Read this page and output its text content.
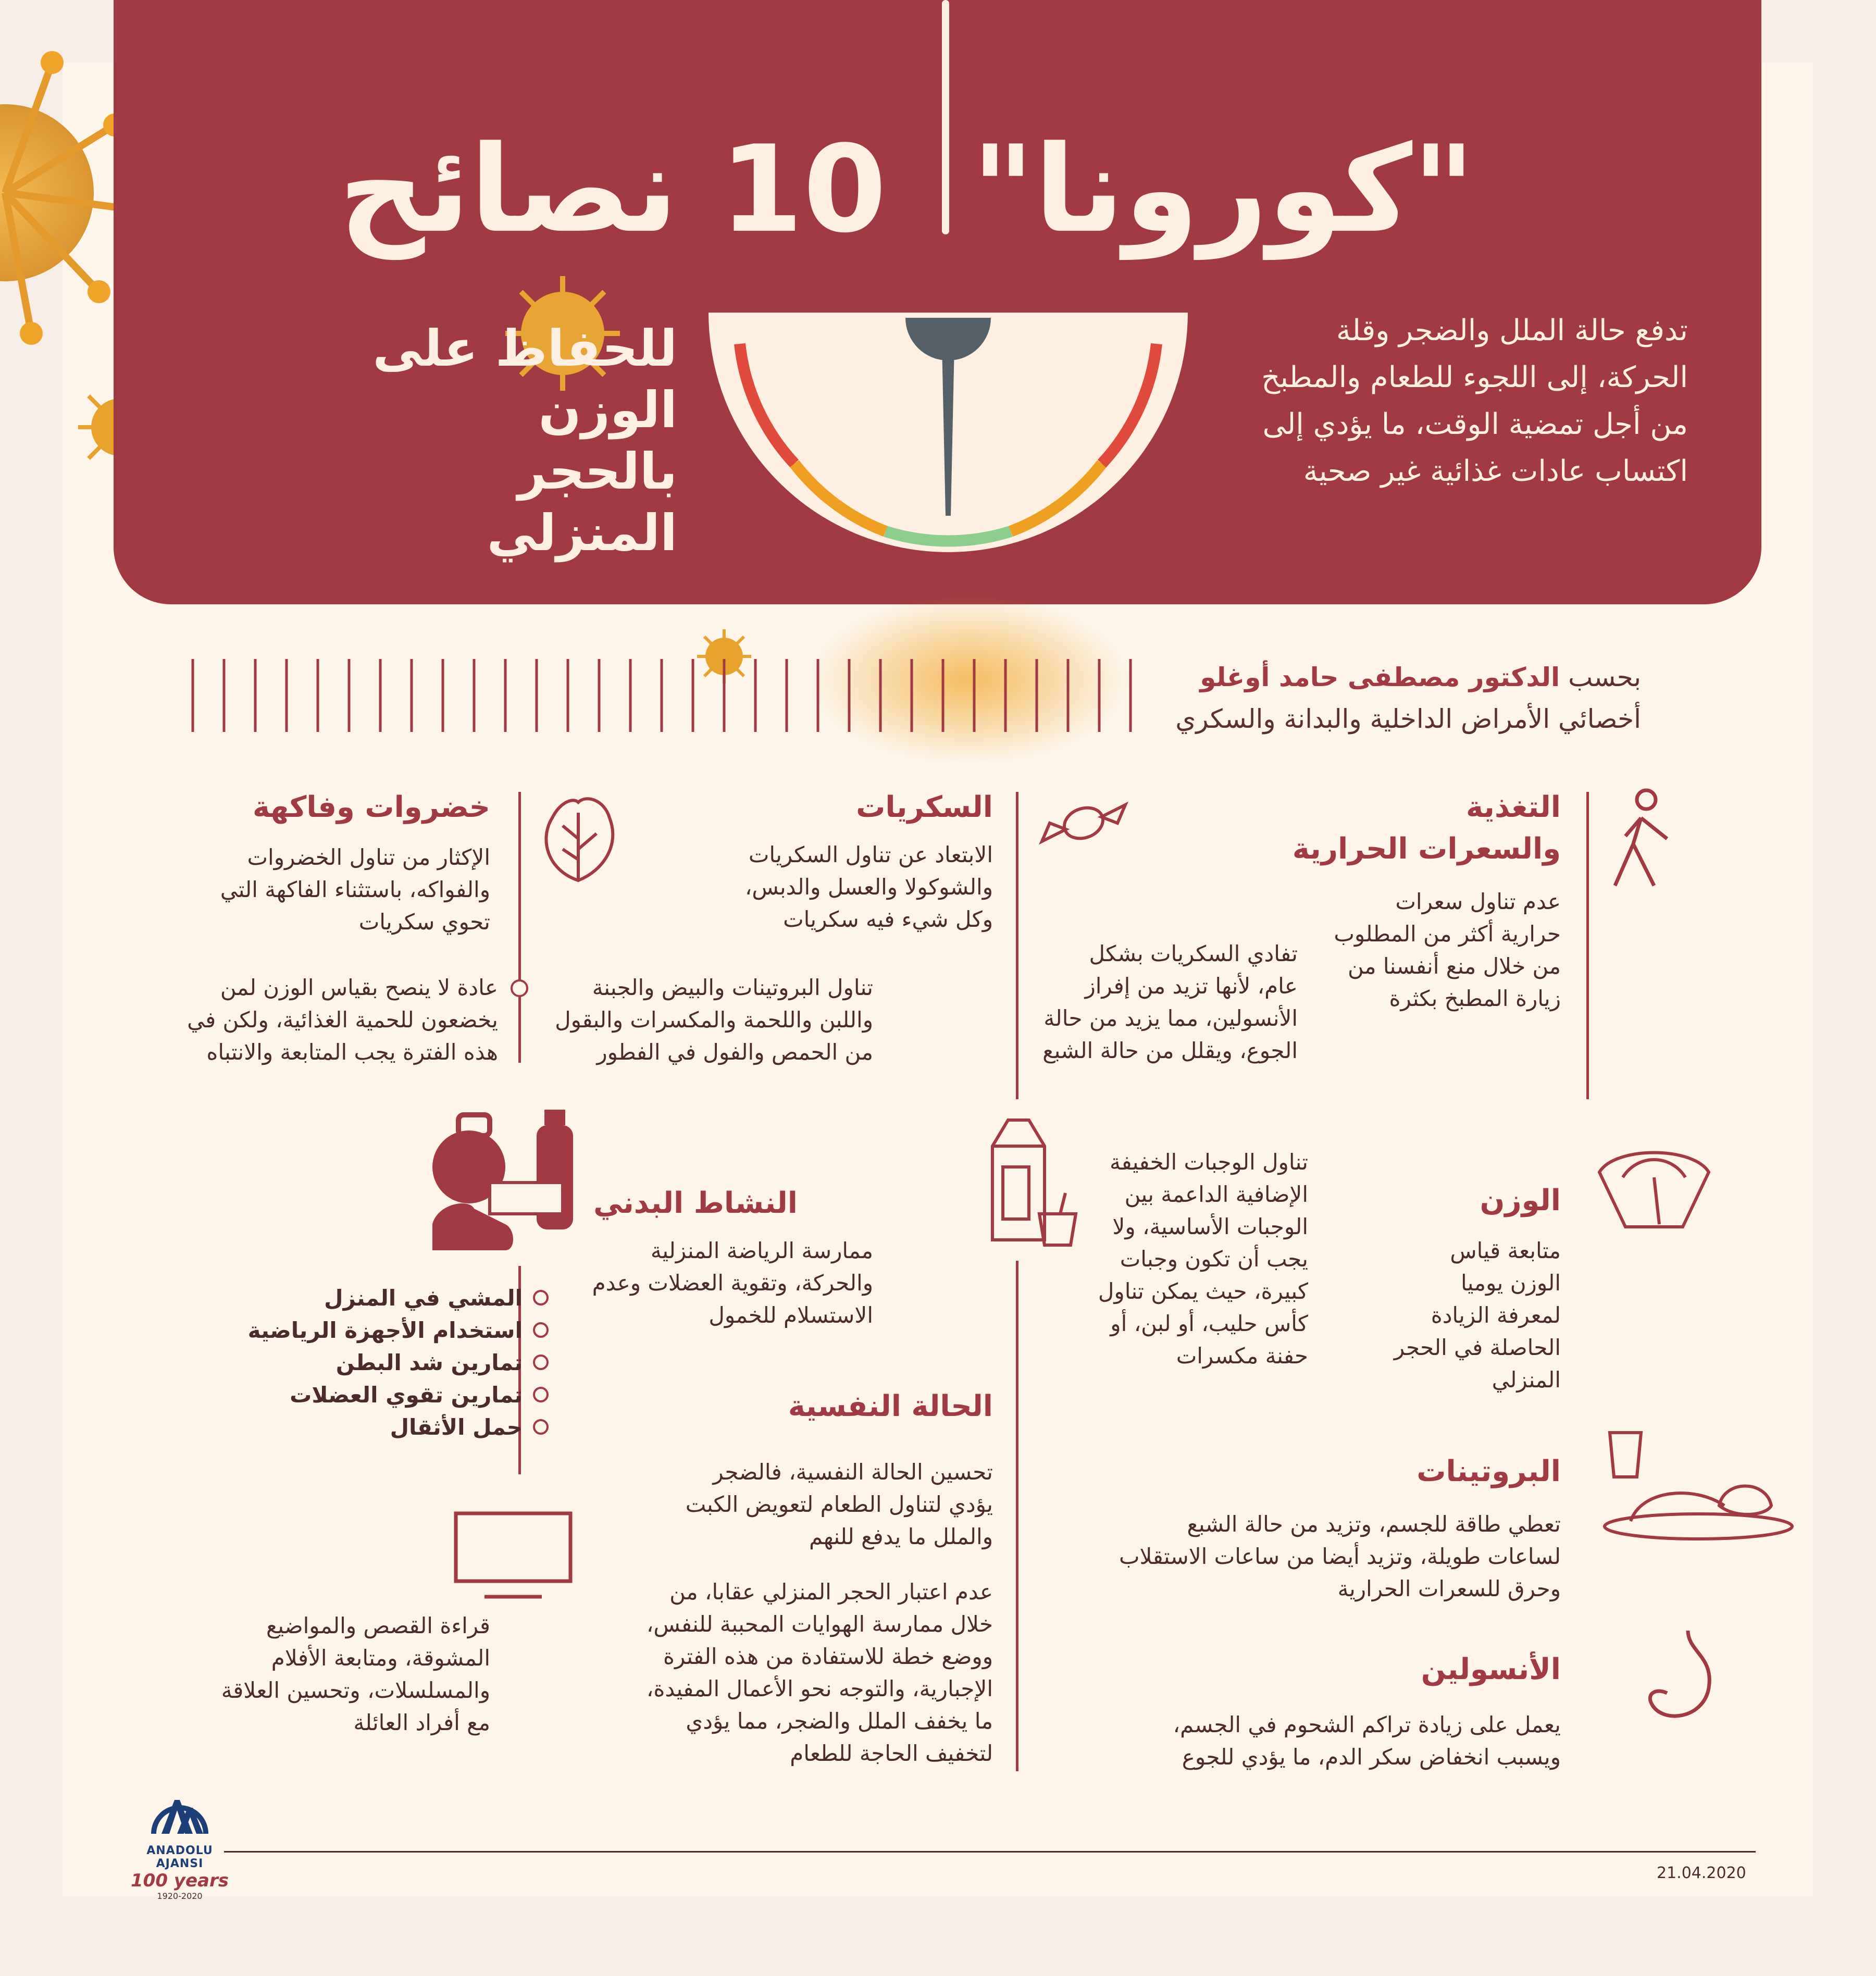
"كورونا"
10 نصائح
للحفاظ على
الوزن بالحجر
المنزلي
تدفع حالة الملل والضجر وقلة
الحركة، إلى اللجوء للطعام والمطبخ
من أجل تمضية الوقت، ما يؤدي إلى
اكتساب عادات غذائية غير صحية
بحسب الدكتور مصطفى حامد أوغلو
أخصائي الأمراض الداخلية والبدانة والسكري
التغذية
والسعرات الحرارية
عدم تناول سعرات
حرارية أكثر من المطلوب
من خلال منع أنفسنا من
زيارة المطبخ بكثرة
السكريات
الابتعاد عن تناول السكريات
والشوكولا والعسل والدبس،
وكل شيء فيه سكريات
تفادي السكريات بشكل
عام، لأنها تزيد من إفراز
الأنسولين، مما يزيد من حالة
الجوع، ويقلل من حالة الشبع
خضروات وفاكهة
الإكثار من تناول الخضروات
والفواكه، باستثناء الفاكهة التي
تحوي سكريات
تناول البروتينات والبيض والجبنة
واللبن واللحمة والمكسرات والبقول
من الحمص والفول في الفطور
عادة لا ينصح بقياس الوزن لمن
يخضعون للحمية الغذائية، ولكن في
هذه الفترة يجب المتابعة والانتباه
الوزن
متابعة قياس
الوزن يوميا
لمعرفة الزيادة
الحاصلة في الحجر
المنزلي
تناول الوجبات الخفيفة
الإضافية الداعمة بين
الوجبات الأساسية، ولا
يجب أن تكون وجبات
كبيرة، حيث يمكن تناول
كأس حليب، أو لبن، أو
حفنة مكسرات
النشاط البدني
ممارسة الرياضة المنزلية
والحركة، وتقوية العضلات وعدم
الاستسلام للخمول
المشي في المنزل
استخدام الأجهزة الرياضية
تمارين شد البطن
تمارين تقوي العضلات
حمل الأثقال
الحالة النفسية
تحسين الحالة النفسية، فالضجر
يؤدي لتناول الطعام لتعويض الكبت
والملل ما يدفع للنهم
عدم اعتبار الحجر المنزلي عقابا، من
خلال ممارسة الهوايات المحببة للنفس،
ووضع خطة للاستفادة من هذه الفترة
الإجبارية، والتوجه نحو الأعمال المفيدة،
ما يخفف الملل والضجر، مما يؤدي
لتخفيف الحاجة للطعام
قراءة القصص والمواضيع
المشوقة، ومتابعة الأفلام
والمسلسلات، وتحسين العلاقة
مع أفراد العائلة
البروتينات
تعطي طاقة للجسم، وتزيد من حالة الشبع
لساعات طويلة، وتزيد أيضا من ساعات الاستقلاب
وحرق للسعرات الحرارية
الأنسولين
يعمل على زيادة تراكم الشحوم في الجسم،
ويسبب انخفاض سكر الدم، ما يؤدي للجوع
ANADOLU AJANSI
100 years
1920-2020
21.04.2020
